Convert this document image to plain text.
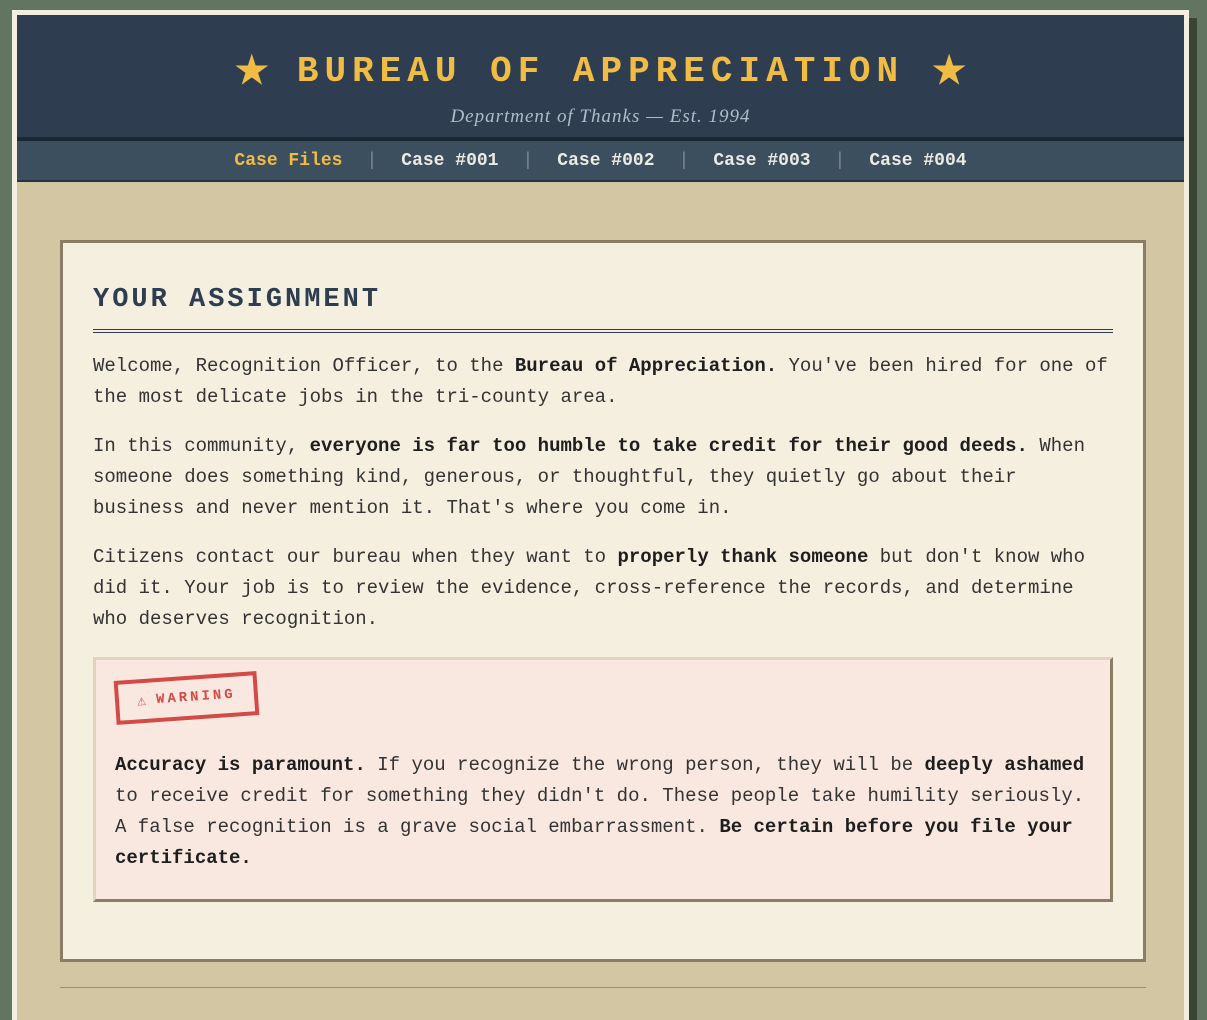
★ BUREAU OF APPRECIATION ★
Department of Thanks — Est. 1994
Case Files | Case #001 | Case #002 | Case #003 | Case #004
YOUR ASSIGNMENT

Welcome, Recognition Officer, to the Bureau of Appreciation. You've been hired for one of the most delicate jobs in the tri-county area.

In this community, everyone is far too humble to take credit for their good deeds. When someone does something kind, generous, or thoughtful, they quietly go about their business and never mention it. That's where you come in.

Citizens contact our bureau when they want to properly thank someone but don't know who did it. Your job is to review the evidence, cross-reference the records, and determine who deserves recognition.

⚠ WARNING

Accuracy is paramount. If you recognize the wrong person, they will be deeply ashamed to receive credit for something they didn't do. These people take humility seriously. A false recognition is a grave social embarrassment. Be certain before you file your certificate.
